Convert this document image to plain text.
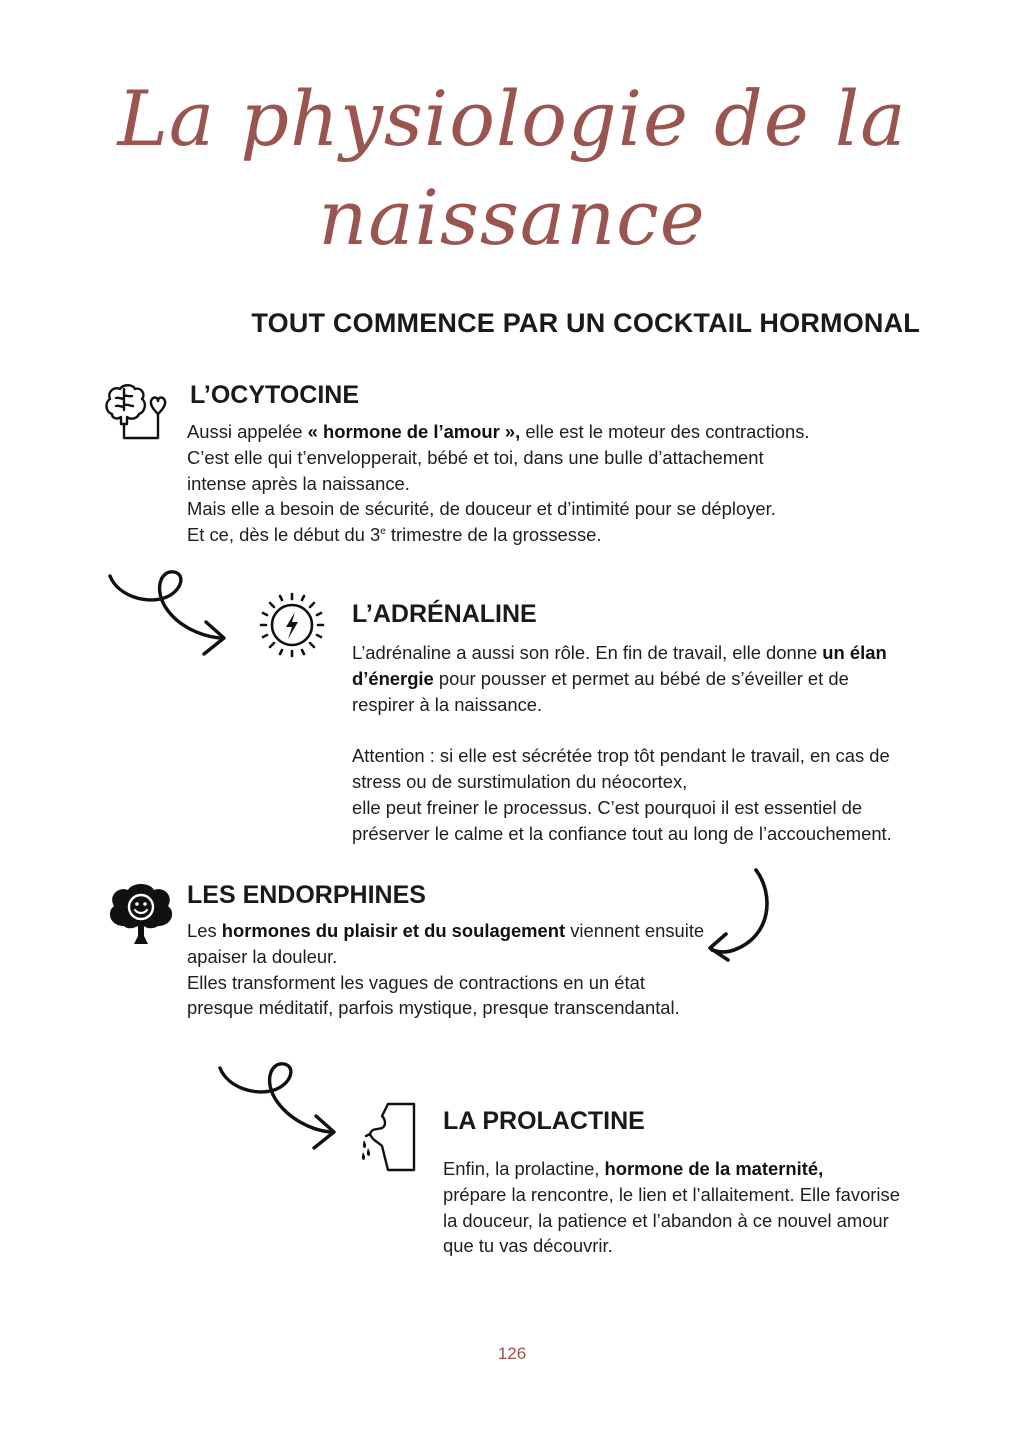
La physiologie de la naissance
TOUT COMMENCE PAR UN COCKTAIL HORMONAL
L’OCYTOCINE

Aussi appelée « hormone de l’amour », elle est le moteur des contractions.

C’est elle qui t’envelopperait, bébé et toi, dans une bulle d’attachement

intense après la naissance.

Mais elle a besoin de sécurité, de douceur et d’intimité pour se déployer.

Et ce, dès le début du 3e trimestre de la grossesse.

L’ADRÉNALINE

L’adrénaline a aussi son rôle. En fin de travail, elle donne un élan

d’énergie pour pousser et permet au bébé de s’éveiller et de

respirer à la naissance.

Attention : si elle est sécrétée trop tôt pendant le travail, en cas de

stress ou de surstimulation du néocortex,

elle peut freiner le processus. C’est pourquoi il est essentiel de

préserver le calme et la confiance tout au long de l’accouchement.

LES ENDORPHINES

Les hormones du plaisir et du soulagement viennent ensuite

apaiser la douleur.

Elles transforment les vagues de contractions en un état

presque méditatif, parfois mystique, presque transcendantal.

LA PROLACTINE

Enfin, la prolactine, hormone de la maternité,

prépare la rencontre, le lien et l’allaitement. Elle favorise

la douceur, la patience et l’abandon à ce nouvel amour

que tu vas découvrir.

126
